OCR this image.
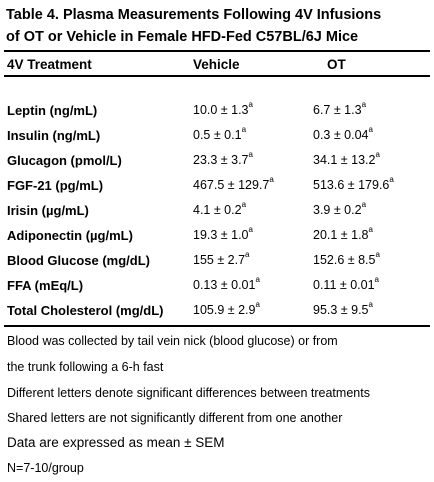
Table 4. Plasma Measurements Following 4V Infusions
of OT or Vehicle in Female HFD-Fed C57BL/6J Mice
4V Treatment	Vehicle	OT
Leptin (ng/mL)	10.0 ± 1.3$^a$	6.7 ± 1.3$^a$
Insulin (ng/mL)	0.5 ± 0.1$^a$	0.3 ± 0.04$^a$
Glucagon (pmol/L)	23.3 ± 3.7$^a$	34.1 ± 13.2$^a$
FGF-21 (pg/mL)	467.5 ± 129.7$^a$	513.6 ± 179.6$^a$
Irisin (µg/mL)	4.1 ± 0.2$^a$	3.9 ± 0.2$^a$
Adiponectin (µg/mL)	19.3 ± 1.0$^a$	20.1 ± 1.8$^a$
Blood Glucose (mg/dL)	155 ± 2.7$^a$	152.6 ± 8.5$^a$
FFA (mEq/L)	0.13 ± 0.01$^a$	0.11 ± 0.01$^a$
Total Cholesterol (mg/dL) 105.9 ± 2.9$^a$	95.3 ± 9.5$^a$
Blood was collected by tail vein nick (blood glucose) or from
the trunk following a 6-h fast
Different letters denote significant differences between treatments
Shared letters are not significantly different from one another
Data are expressed as mean ± SEM
N=7-10/group
